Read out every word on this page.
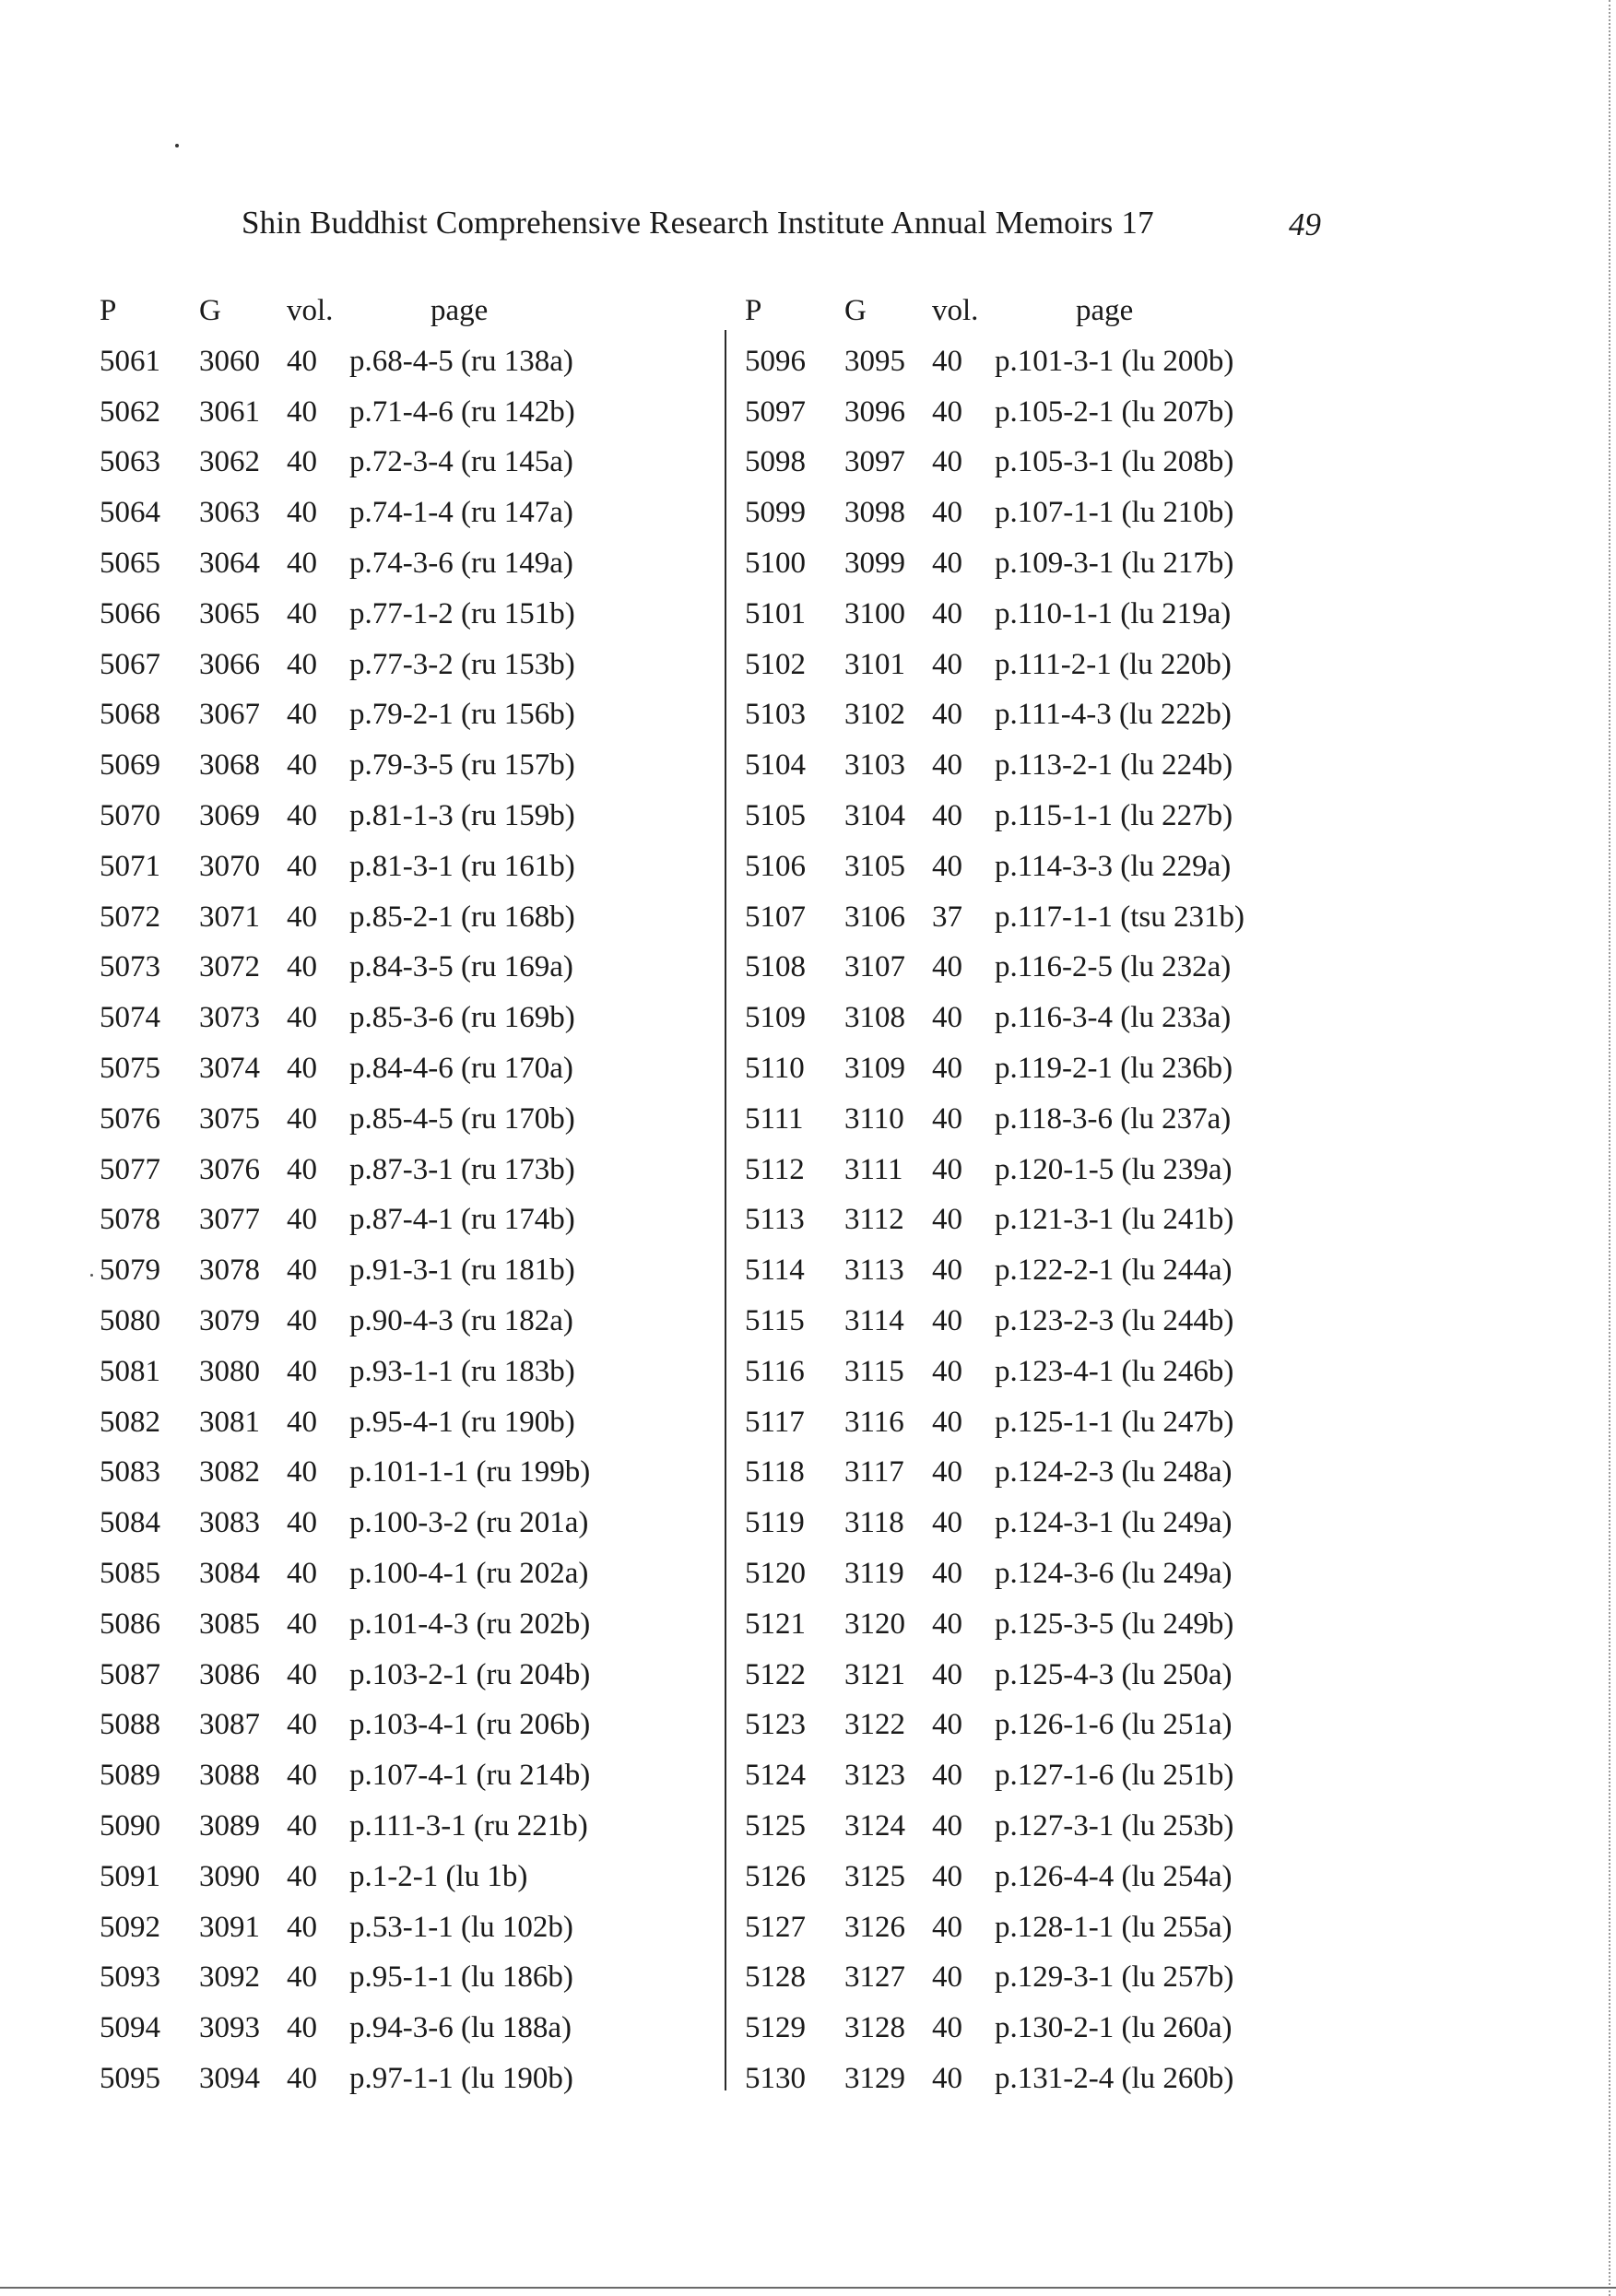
Shin Buddhist Comprehensive Research Institute Annual Memoirs 17	49
P	G vol.	page
5061 3060 40 p.68-4-5 (ru 138a)
5062 3061 40 p.71-4-6 (ru 142b)
5063 3062 40 p.72-3-4 (ru 145a)
5064 3063 40 p.74-1-4 (ru 147a)
5065 3064 40 p.74-3-6 (ru 149a)
5066 3065 40 p.77-1-2 (ru 151b)
5067 3066 40 p.77-3-2 (ru 153b)
5068 3067 40 p.79-2-1 (ru 156b)
5069 3068 40 p.79-3-5 (ru 157b)
5070 3069 40 p.81-1-3 (ru 159b)
5071 3070 40 p.81-3-1 (ru 161b)
5072 3071 40 p.85-2-1 (ru 168b)
5073 3072 40 p.84-3-5 (ru 169a)
5074 3073 40 p.85-3-6 (ru 169b)
5075 3074 40 p.84-4-6 (ru 170a)
5076 3075 40 p.85-4-5 (ru 170b)
5077 3076 40 p.87-3-1 (ru 173b)
5078 3077 40 p.87-4-1 (ru 174b)
5079 3078 40 p.91-3-1 (ru 181b)
5080 3079 40 p.90-4-3 (ru 182a)
5081 3080 40 p.93-1-1 (ru 183b)
5082 3081 40 p.95-4-1 (ru 190b)
5083 3082 40 p.101-1-1 (ru 199b)
5084 3083 40 p.100-3-2 (ru 201a)
5085 3084 40 p.100-4-1 (ru 202a)
5086 3085 40 p.101-4-3 (ru 202b)
5087 3086 40 p.103-2-1 (ru 204b)
5088 3087 40 p.103-4-1 (ru 206b)
5089 3088 40 p.107-4-1 (ru 214b)
5090 3089 40 p.111-3-1 (ru 221b)
5091 3090 40 p.1-2-1 (lu 1b)
5092 3091 40 p.53-1-1 (lu 102b)
5093 3092 40 p.95-1-1 (lu 186b)
5094 3093 40 p.94-3-6 (lu 188a)
5095 3094 40 p.97-1-1 (lu 190b)
P	G vol.	page
5096 3095 40 p.101-3-1 (lu 200b)
5097 3096 40 p.105-2-1 (lu 207b)
5098 3097 40 p.105-3-1 (lu 208b)
5099 3098 40 p.107-1-1 (lu 210b)
5100 3099 40 p.109-3-1 (lu 217b)
5101 3100 40 p.110-1-1 (lu 219a)
5102 3101 40 p.111-2-1 (lu 220b)
5103 3102 40 p.111-4-3 (lu 222b)
5104 3103 40 p.113-2-1 (lu 224b)
5105 3104 40 p.115-1-1 (lu 227b)
5106 3105 40 p.114-3-3 (lu 229a)
5107 3106 37 p.117-1-1 (tsu 231b)
5108 3107 40 p.116-2-5 (lu 232a)
5109 3108 40 p.116-3-4 (lu 233a)
5110 3109 40 p.119-2-1 (lu 236b)
5111 3110 40 p.118-3-6 (lu 237a)
5112 3111 40 p.120-1-5 (lu 239a)
5113 3112 40 p.121-3-1 (lu 241b)
5114 3113 40 p.122-2-1 (lu 244a)
5115 3114 40 p.123-2-3 (lu 244b)
5116 3115 40 p.123-4-1 (lu 246b)
5117 3116 40 p.125-1-1 (lu 247b)
5118 3117 40 p.124-2-3 (lu 248a)
5119 3118 40 p.124-3-1 (lu 249a)
5120 3119 40 p.124-3-6 (lu 249a)
5121 3120 40 p.125-3-5 (lu 249b)
5122 3121 40 p.125-4-3 (lu 250a)
5123 3122 40 p.126-1-6 (lu 251a)
5124 3123 40 p.127-1-6 (lu 251b)
5125 3124 40 p.127-3-1 (lu 253b)
5126 3125 40 p.126-4-4 (lu 254a)
5127 3126 40 p.128-1-1 (lu 255a)
5128 3127 40 p.129-3-1 (lu 257b)
5129 3128 40 p.130-2-1 (lu 260a)
5130 3129 40 p.131-2-4 (lu 260b)
